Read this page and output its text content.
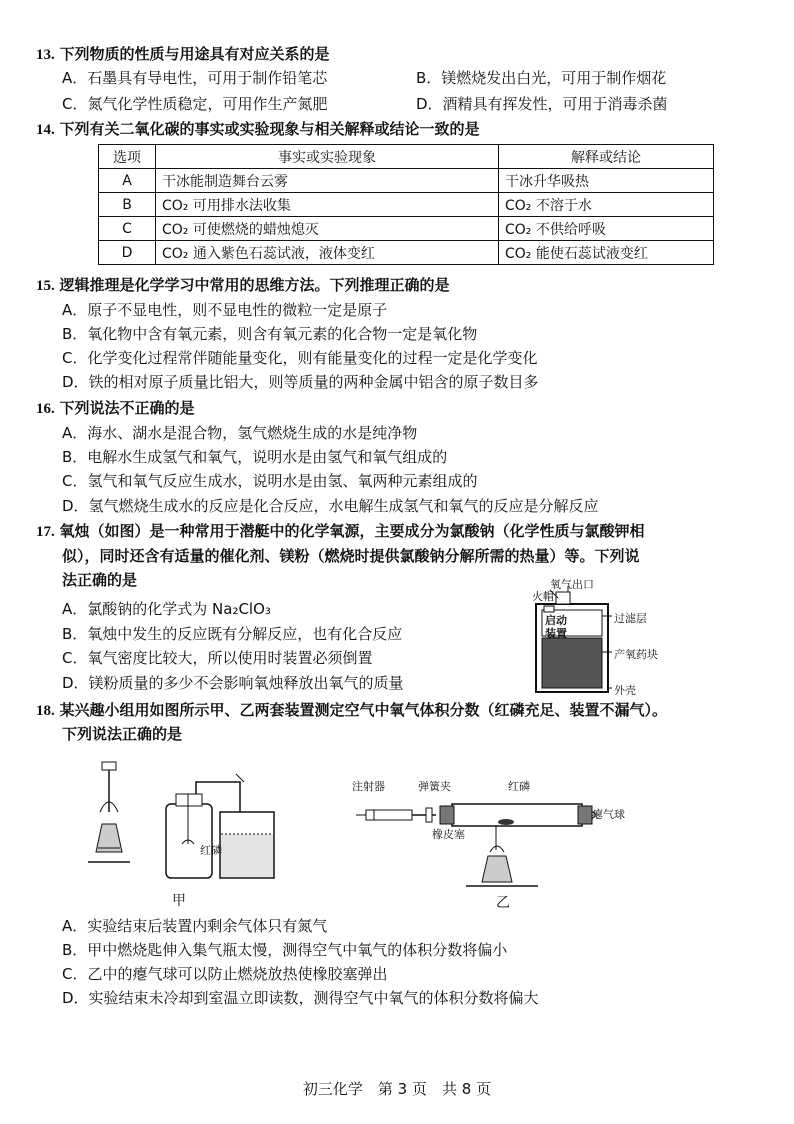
13. 下列物质的性质与用途具有对应关系的是
A．石墨具有导电性，可用于制作铅笔芯	B．镁燃烧发出白光，可用于制作烟花
C．氮气化学性质稳定，可用作生产氮肥	D．酒精具有挥发性，可用于消毒杀菌
14. 下列有关二氧化碳的事实或实验现象与相关解释或结论一致的是
选项	事实或实验现象	解释或结论
A	干冰能制造舞台云雾	干冰升华吸热
B	CO₂ 可用排水法收集	CO₂ 不溶于水
C	CO₂ 可使燃烧的蜡烛熄灭	CO₂ 不供给呼吸
D	CO₂ 通入紫色石蕊试液，液体变红	CO₂ 能使石蕊试液变红
15. 逻辑推理是化学学习中常用的思维方法。下列推理正确的是
A．原子不显电性，则不显电性的微粒一定是原子
B．氧化物中含有氧元素，则含有氧元素的化合物一定是氧化物
C．化学变化过程常伴随能量变化，则有能量变化的过程一定是化学变化
D．铁的相对原子质量比铝大，则等质量的两种金属中铝含的原子数目多
16. 下列说法不正确的是
A．海水、湖水是混合物，氢气燃烧生成的水是纯净物
B．电解水生成氢气和氧气，说明水是由氢气和氧气组成的
C．氢气和氧气反应生成水，说明水是由氢、氧两种元素组成的
D．氢气燃烧生成水的反应是化合反应，水电解生成氢气和氧气的反应是分解反应
17. 氧烛（如图）是一种常用于潜艇中的化学氧源，主要成分为氯酸钠（化学性质与氯酸钾相
似），同时还含有适量的催化剂、镁粉（燃烧时提供氯酸钠分解所需的热量）等。下列说
法正确的是
A．氯酸钠的化学式为 Na₂ClO₃
B．氧烛中发生的反应既有分解反应，也有化合反应
C．氧气密度比较大，所以使用时装置必须倒置
D．镁粉质量的多少不会影响氧烛释放出氧气的质量
氧气出口
火帽
过滤层
启动装置
产氧药块
外壳
18. 某兴趣小组用如图所示甲、乙两套装置测定空气中氧气体积分数（红磷充足、装置不漏气）。
下列说法正确的是
红磷
甲
注射器	弹簧夹	红磷
瘪气球
橡皮塞
乙
A．实验结束后装置内剩余气体只有氮气
B．甲中燃烧匙伸入集气瓶太慢，测得空气中氧气的体积分数将偏小
C．乙中的瘪气球可以防止燃烧放热使橡胶塞弹出
D．实验结束未冷却到室温立即读数，测得空气中氧气的体积分数将偏大
初三化学　第 3 页　共 8 页
